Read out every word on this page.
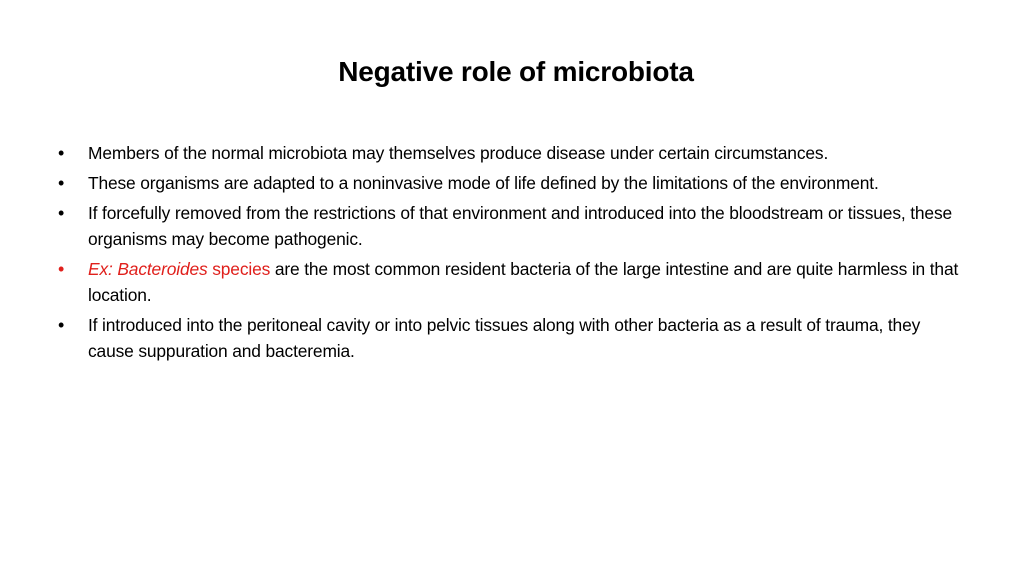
Negative role of microbiota
• Members of the normal microbiota may themselves produce disease under certain circumstances.
• These organisms are adapted to a noninvasive mode of life defined by the limitations of the environment.
• If forcefully removed from the restrictions of that environment and introduced into the bloodstream or tissues, these organisms may become pathogenic.
• Ex: Bacteroides species are the most common resident bacteria of the large intestine and are quite harmless in that location.
• If introduced into the peritoneal cavity or into pelvic tissues along with other bacteria as a result of trauma, they cause suppuration and bacteremia.
